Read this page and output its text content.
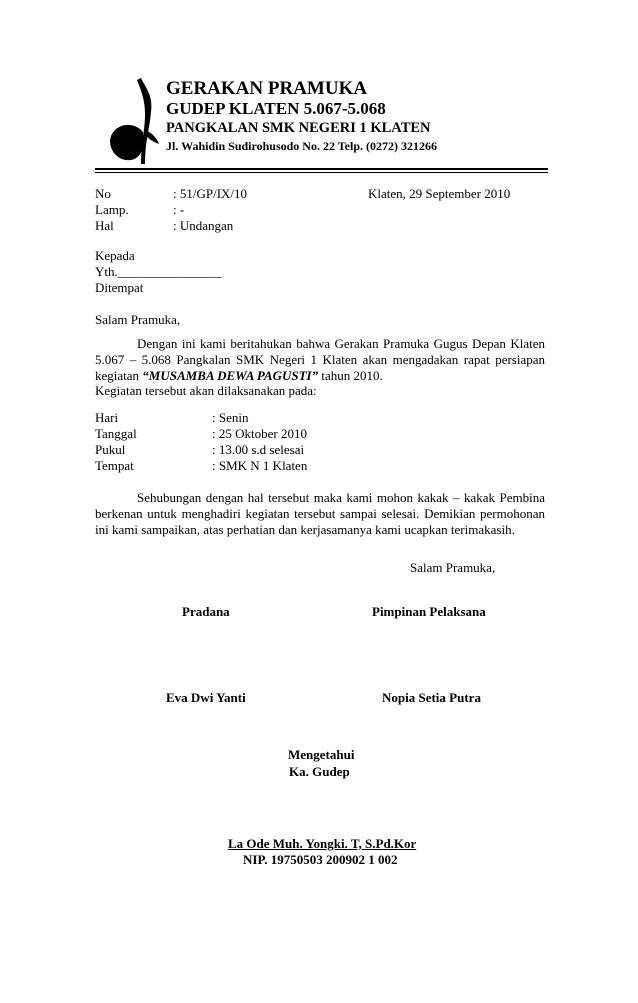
GERAKAN PRAMUKA
GUDEP KLATEN 5.067-5.068
PANGKALAN SMK NEGERI 1 KLATEN
Jl. Wahidin Sudirohusodo No. 22 Telp. (0272) 321266
No	: 51/GP/IX/10	Klaten, 29 September 2010
Lamp.	: -
Hal	: Undangan
Kepada
Yth.________________
Ditempat
Salam Pramuka,
Dengan ini kami beritahukan bahwa Gerakan Pramuka Gugus Depan Klaten 5.067 – 5.068 Pangkalan SMK Negeri 1 Klaten akan mengadakan rapat persiapan kegiatan “MUSAMBA DEWA PAGUSTI” tahun 2010.
Kegiatan tersebut akan dilaksanakan pada:
Hari	: Senin
Tanggal	: 25 Oktober 2010
Pukul	: 13.00 s.d selesai
Tempat	: SMK N 1 Klaten
Sehubungan dengan hal tersebut maka kami mohon kakak – kakak Pembina berkenan untuk menghadiri kegiatan tersebut sampai selesai. Demikian permohonan ini kami sampaikan, atas perhatian dan kerjasamanya kami ucapkan terimakasih.
Salam Pramuka,
Pradana	Pimpinan Pelaksana
Eva Dwi Yanti	Nopia Setia Putra
Mengetahui
Ka. Gudep
La Ode Muh. Yongki. T, S.Pd.Kor
NIP. 19750503 200902 1 002
